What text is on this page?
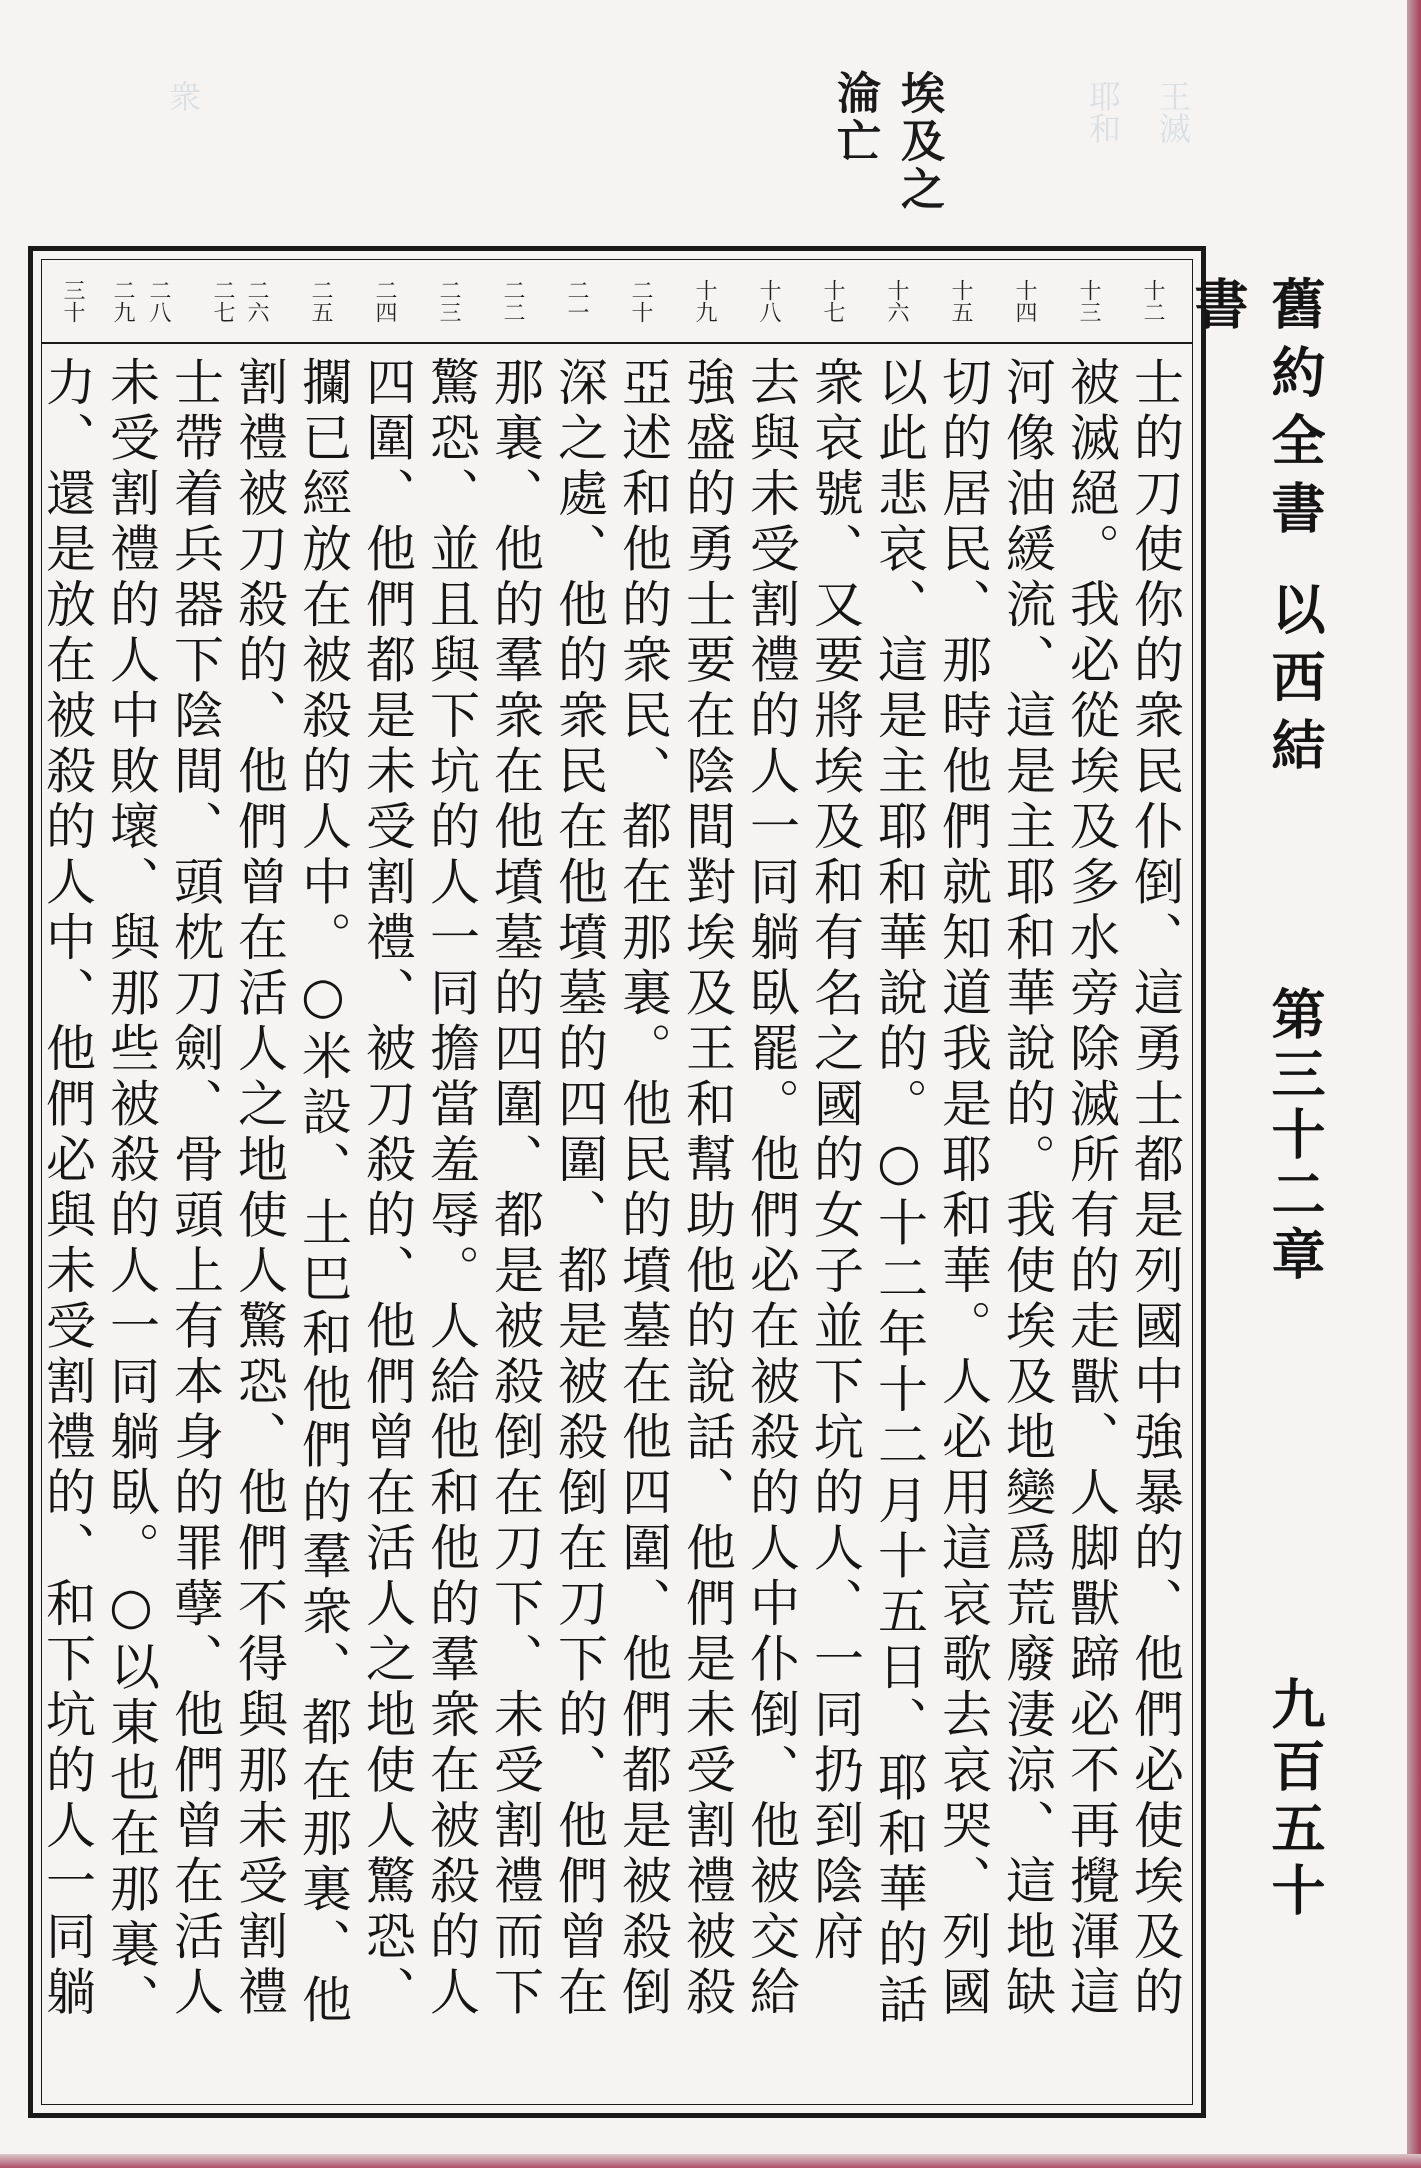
王滅
耶和
衆	埃及之淪亡
十二
十三
十四
十五
十六
十七
十八
十九
二十
二一
二二
二三
二四
二五
二六
二七
二八
二九
三十
士的刀使你的衆民仆倒、這勇士都是列國中強暴的、他們必使埃及的
被滅絕。我必從埃及多水旁除滅所有的走獸、人脚獸蹄必不再攪渾這
河像油緩流、這是主耶和華說的。我使埃及地變爲荒廢淒涼、這地缺
切的居民、那時他們就知道我是耶和華。人必用這哀歌去哀哭、列國
以此悲哀、這是主耶和華說的。○十二年十二月十五日、耶和華的話
衆哀號、又要將埃及和有名之國的女子並下坑的人、一同扔到陰府
去與未受割禮的人一同躺臥罷。他們必在被殺的人中仆倒、他被交給
強盛的勇士要在陰間對埃及王和幫助他的說話、他們是未受割禮被殺
亞述和他的衆民、都在那裏。他民的墳墓在他四圍、他們都是被殺倒
深之處、他的衆民在他墳墓的四圍、都是被殺倒在刀下的、他們曾在
那裏、他的羣衆在他墳墓的四圍、都是被殺倒在刀下、未受割禮而下
驚恐、並且與下坑的人一同擔當羞辱。人給他和他的羣衆在被殺的人
四圍、他們都是未受割禮、被刀殺的、他們曾在活人之地使人驚恐、
攔已經放在被殺的人中。○米設、土巴和他們的羣衆、都在那裏、他
割禮被刀殺的、他們曾在活人之地使人驚恐、他們不得與那未受割禮
士帶着兵器下陰間、頭枕刀劍、骨頭上有本身的罪孽、他們曾在活人
未受割禮的人中敗壞、與那些被殺的人一同躺臥。○以東也在那裏、
力、還是放在被殺的人中、他們必與未受割禮的、和下坑的人一同躺
舊約全書 以西結書
第三十二章
九百五十
